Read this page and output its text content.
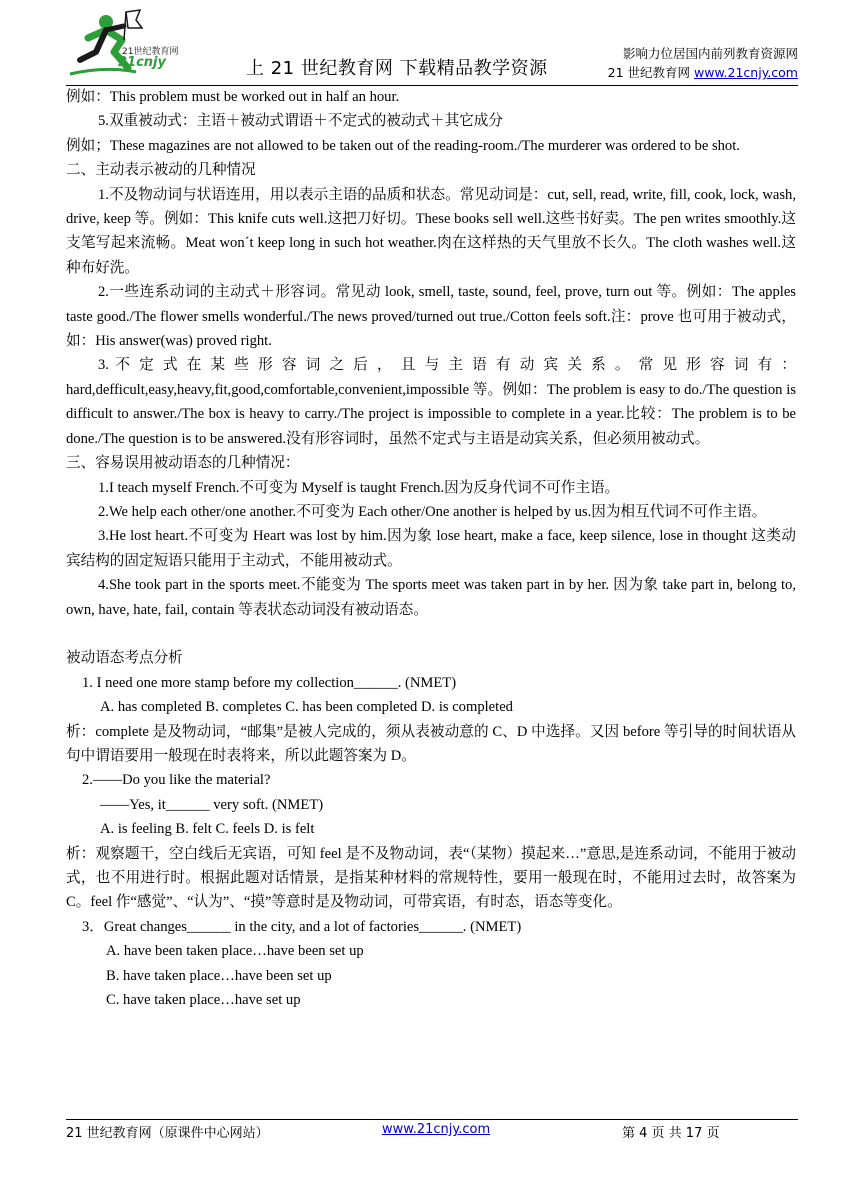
21世纪教育网
21cnjy	上 21 世纪教育网 下载精品教学资源
影响力位居国内前列教育资源网
21 世纪教育网 www.21cnjy.com

例如：This problem must be worked out in half an hour.

5.双重被动式：主语＋被动式谓语＋不定式的被动式＋其它成分

例如；These magazines are not allowed to be taken out of the reading-room./The murderer was ordered to be shot.

二、主动表示被动的几种情况

1.不及物动词与状语连用，用以表示主语的品质和状态。常见动词是：cut, sell, read, write, fill, cook, lock, wash, drive, keep 等。例如：This knife cuts well.这把刀好切。These books sell well.这些书好卖。The pen writes smoothly.这支笔写起来流畅。Meat won´t keep long in such hot weather.肉在这样热的天气里放不长久。The cloth washes well.这种布好洗。

2.一些连系动词的主动式＋形容词。常见动 look, smell, taste, sound, feel, prove, turn out 等。例如：The apples taste good./The flower smells wonderful./The news proved/turned out true./Cotton feels soft.注：prove 也可用于被动式，如：His answer(was) proved right.

3. 不 定 式 在 某 些 形 容 词 之 后 ， 且 与 主 语 有 动 宾 关 系 。 常 见 形 容 词 有 ：hard,defficult,easy,heavy,fit,good,comfortable,convenient,impossible 等。例如：The problem is easy to do./The question is difficult to answer./The box is heavy to carry./The project is impossible to complete in a year.比较：The problem is to be done./The question is to be answered.没有形容词时，虽然不定式与主语是动宾关系，但必须用被动式。

三、容易误用被动语态的几种情况：

1.I teach myself French.不可变为 Myself is taught French.因为反身代词不可作主语。

2.We help each other/one another.不可变为 Each other/One another is helped by us.因为相互代词不可作主语。

3.He lost heart.不可变为 Heart was lost by him.因为象 lose heart, make a face, keep silence, lose in thought 这类动宾结构的固定短语只能用于主动式，不能用被动式。

4.She took part in the sports meet.不能变为 The sports meet was taken part in by her. 因为象 take part in, belong to, own, have, hate, fail, contain 等表状态动词没有被动语态。

被动语态考点分析

1. I need one more stamp before my collection______. (NMET)

A. has completed B. completes C. has been completed D. is completed

析：complete 是及物动词，“邮集”是被人完成的，须从表被动意的 C、D 中选择。又因 before 等引导的时间状语从句中谓语要用一般现在时表将来，所以此题答案为 D。

2.——Do you like the material?

——Yes, it______ very soft. (NMET)

A. is feeling B. felt C. feels D. is felt

析：观察题干，空白线后无宾语，可知 feel 是不及物动词，表“（某物）摸起来…”意思,是连系动词，不能用于被动式，也不用进行时。根据此题对话情景，是指某种材料的常规特性，要用一般现在时，不能用过去时，故答案为 C。feel 作“感觉”、“认为”、“摸”等意时是及物动词，可带宾语，有时态，语态等变化。

3．Great changes______ in the city, and a lot of factories______. (NMET)

A. have been taken place…have been set up

B. have taken place…have been set up

C. have taken place…have set up

21 世纪教育网（原课件中心网站）	www.21cnjy.com	第 4 页 共 17 页
